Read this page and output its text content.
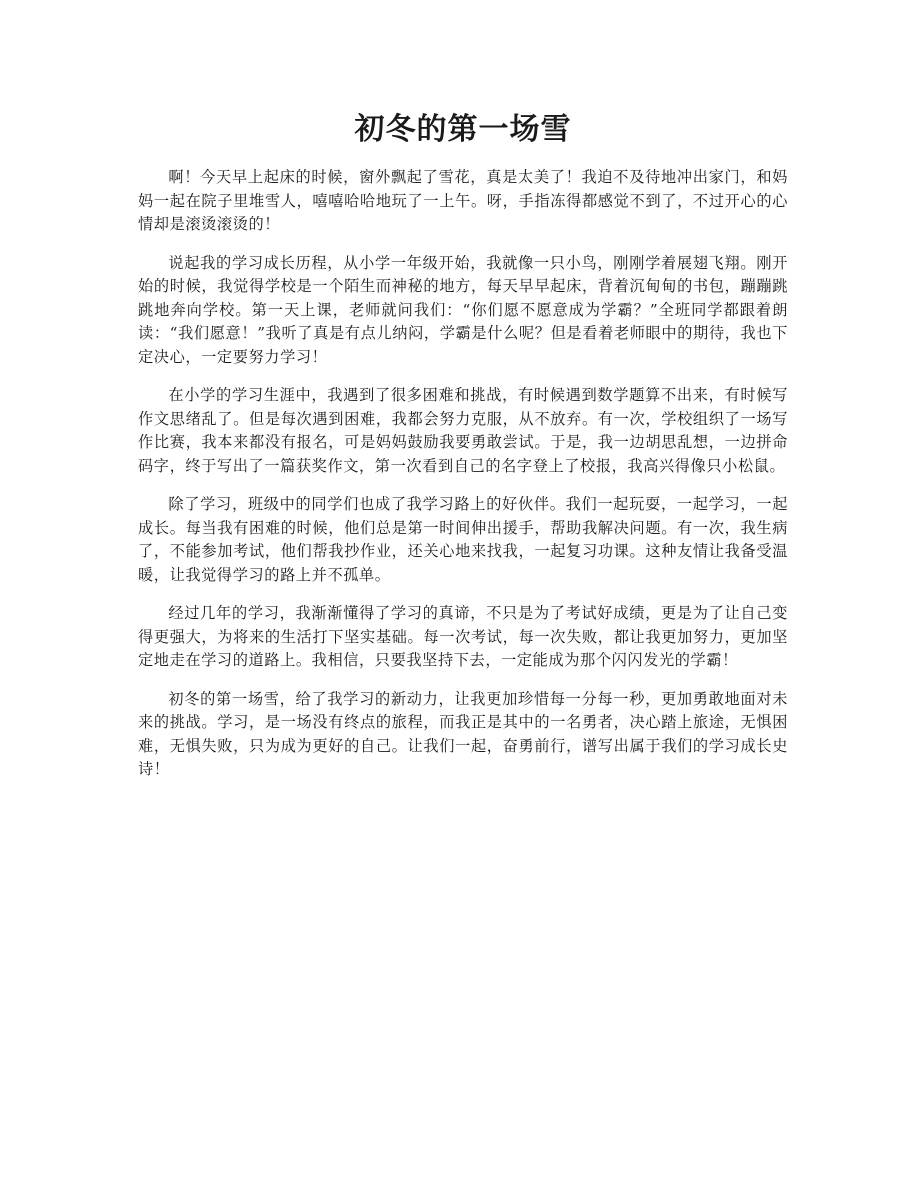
初冬的第一场雪

啊！今天早上起床的时候，窗外飘起了雪花，真是太美了！我迫不及待地冲出家门，和妈妈一起在院子里堆雪人，嘻嘻哈哈地玩了一上午。呀，手指冻得都感觉不到了，不过开心的心情却是滚烫滚烫的！

说起我的学习成长历程，从小学一年级开始，我就像一只小鸟，刚刚学着展翅飞翔。刚开始的时候，我觉得学校是一个陌生而神秘的地方，每天早早起床，背着沉甸甸的书包，蹦蹦跳跳地奔向学校。第一天上课，老师就问我们：“你们愿不愿意成为学霸？”全班同学都跟着朗读：“我们愿意！”我听了真是有点儿纳闷，学霸是什么呢？但是看着老师眼中的期待，我也下定决心，一定要努力学习！

在小学的学习生涯中，我遇到了很多困难和挑战，有时候遇到数学题算不出来，有时候写作文思绪乱了。但是每次遇到困难，我都会努力克服，从不放弃。有一次，学校组织了一场写作比赛，我本来都没有报名，可是妈妈鼓励我要勇敢尝试。于是，我一边胡思乱想，一边拼命码字，终于写出了一篇获奖作文，第一次看到自己的名字登上了校报，我高兴得像只小松鼠。

除了学习，班级中的同学们也成了我学习路上的好伙伴。我们一起玩耍，一起学习，一起成长。每当我有困难的时候，他们总是第一时间伸出援手，帮助我解决问题。有一次，我生病了，不能参加考试，他们帮我抄作业，还关心地来找我，一起复习功课。这种友情让我备受温暖，让我觉得学习的路上并不孤单。

经过几年的学习，我渐渐懂得了学习的真谛，不只是为了考试好成绩，更是为了让自己变得更强大，为将来的生活打下坚实基础。每一次考试，每一次失败，都让我更加努力，更加坚定地走在学习的道路上。我相信，只要我坚持下去，一定能成为那个闪闪发光的学霸！

初冬的第一场雪，给了我学习的新动力，让我更加珍惜每一分每一秒，更加勇敢地面对未来的挑战。学习，是一场没有终点的旅程，而我正是其中的一名勇者，决心踏上旅途，无惧困难，无惧失败，只为成为更好的自己。让我们一起，奋勇前行，谱写出属于我们的学习成长史诗！
